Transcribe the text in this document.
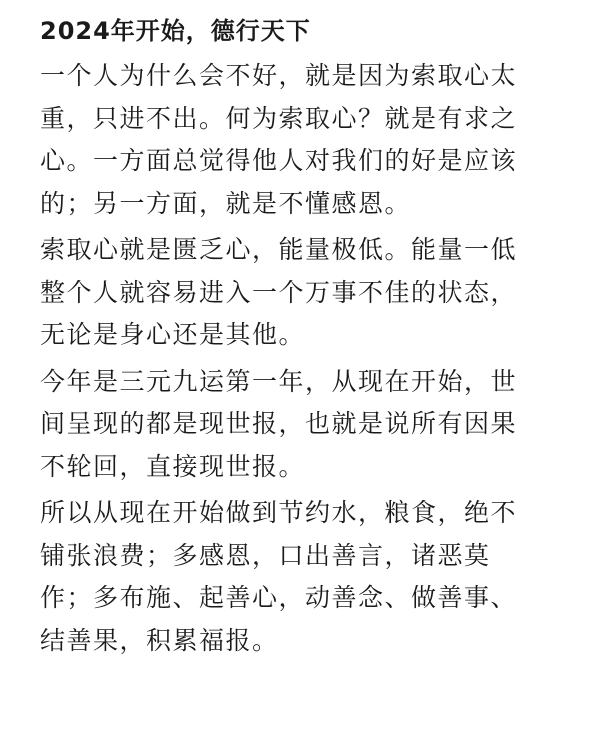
2024年开始，德行天下
一个人为什么会不好，就是因为索取心太
重，只进不出。何为索取心？就是有求之
心。一方面总觉得他人对我们的好是应该
的；另一方面，就是不懂感恩。
索取心就是匮乏心，能量极低。能量一低
整个人就容易进入一个万事不佳的状态，
无论是身心还是其他。
今年是三元九运第一年，从现在开始，世
间呈现的都是现世报，也就是说所有因果
不轮回，直接现世报。
所以从现在开始做到节约水，粮食，绝不
铺张浪费；多感恩，口出善言，诸恶莫
作；多布施、起善心，动善念、做善事、
结善果，积累福报。
